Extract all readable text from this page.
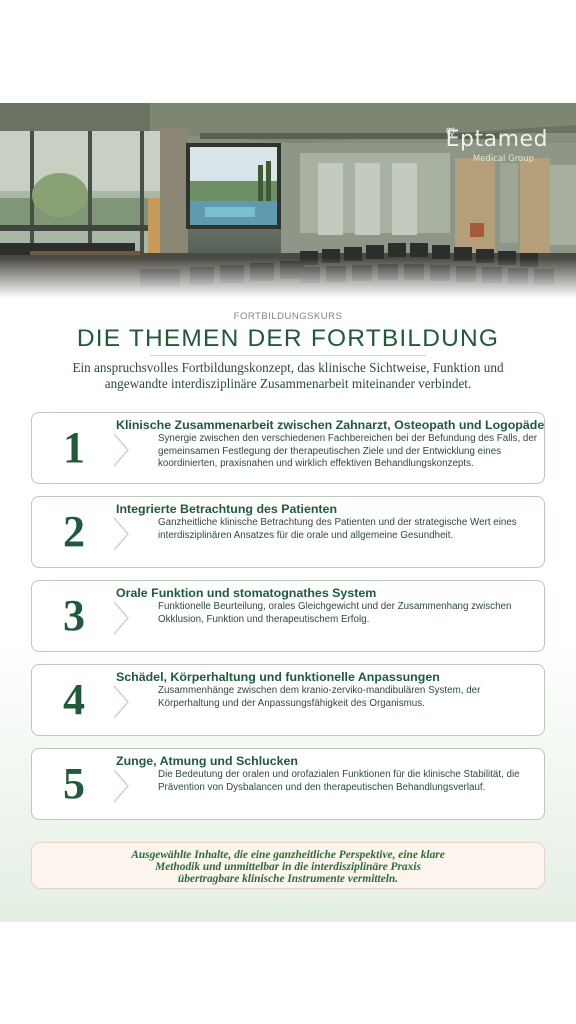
Eptamed
Medical Group
FORTBILDUNGSKURS
DIE THEMEN DER FORTBILDUNG
Ein anspruchsvolles Fortbildungskonzept, das klinische Sichtweise, Funktion und angewandte interdisziplinäre Zusammenarbeit miteinander verbindet.
1	Klinische Zusammenarbeit zwischen Zahnarzt, Osteopath und Logopäde
Synergie zwischen den verschiedenen Fachbereichen bei der Befundung des Falls, der gemeinsamen Festlegung der therapeutischen Ziele und der Entwicklung eines koordinierten, praxisnahen und wirklich effektiven Behandlungskonzepts.
2	Integrierte Betrachtung des Patienten
Ganzheitliche klinische Betrachtung des Patienten und der strategische Wert eines interdisziplinären Ansatzes für die orale und allgemeine Gesundheit.
3	Orale Funktion und stomatognathes System
Funktionelle Beurteilung, orales Gleichgewicht und der Zusammenhang zwischen Okklusion, Funktion und therapeutischem Erfolg.
4	Schädel, Körperhaltung und funktionelle Anpassungen
Zusammenhänge zwischen dem kranio-zerviko-mandibulären System, der Körperhaltung und der Anpassungsfähigkeit des Organismus.
5	Zunge, Atmung und Schlucken
Die Bedeutung der oralen und orofazialen Funktionen für die klinische Stabilität, die Prävention von Dysbalancen und den therapeutischen Behandlungsverlauf.
Ausgewählte Inhalte, die eine ganzheitliche Perspektive, eine klare
Methodik und unmittelbar in die interdisziplinäre Praxis
übertragbare klinische Instrumente vermitteln.
